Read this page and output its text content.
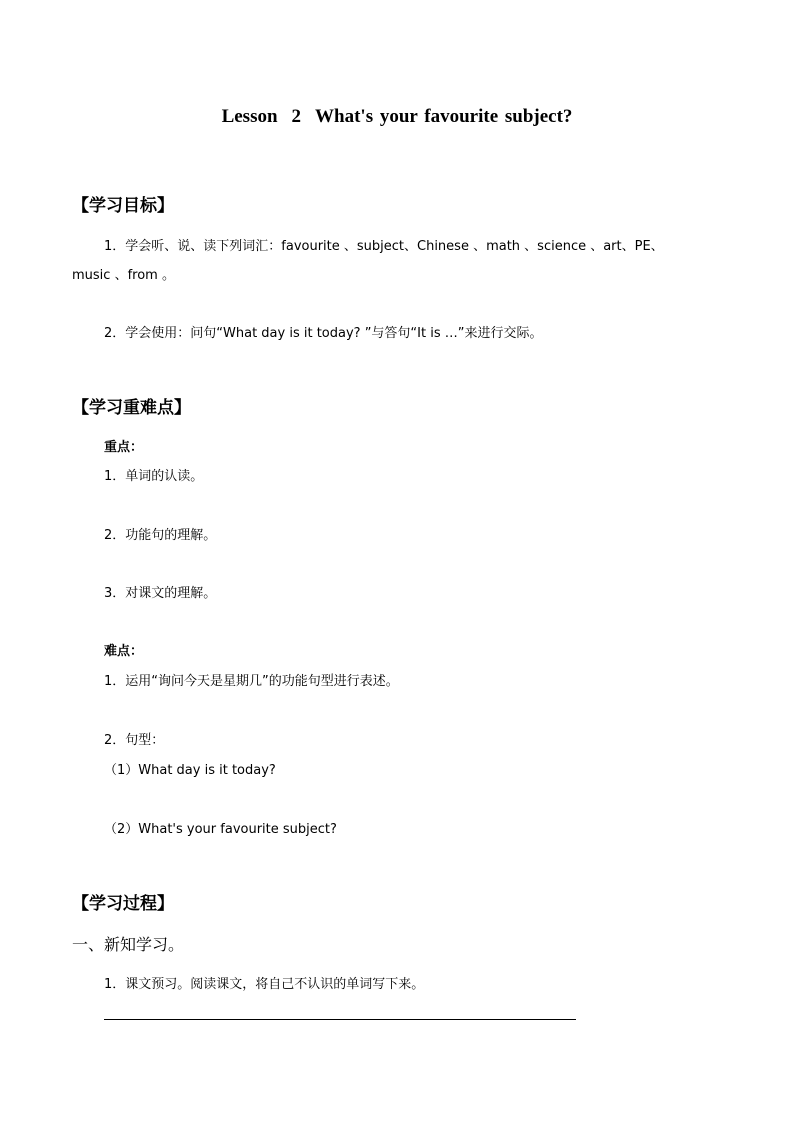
Lesson 2 What's your favourite subject?
【学习目标】
1．学会听、说、读下列词汇：favourite 、subject、Chinese 、math 、science 、art、PE、
music 、from 。
2．学会使用：问句“What day is it today? ”与答句“It is …”来进行交际。
【学习重难点】
重点：
1．单词的认读。
2．功能句的理解。
3．对课文的理解。
难点：
1．运用“询问今天是星期几”的功能句型进行表述。
2．句型：
（1）What day is it today?
（2）What's your favourite subject?
【学习过程】
一、新知学习。
1．课文预习。阅读课文，将自己不认识的单词写下来。
